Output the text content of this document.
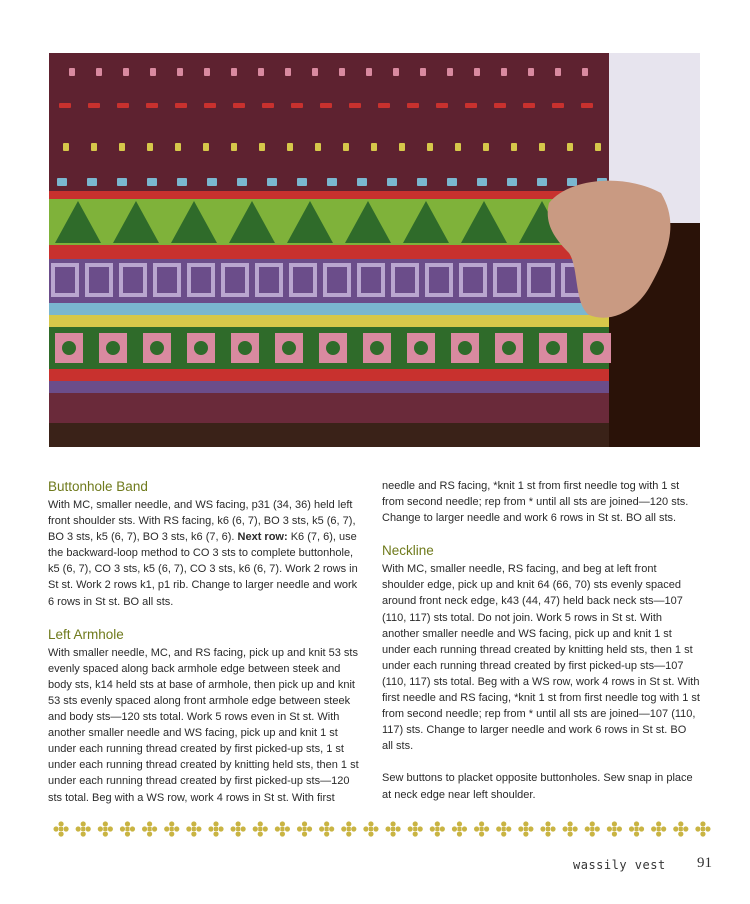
Buttonhole Band

With MC, smaller needle, and WS facing, p31 (34, 36) held left front shoulder sts. With RS facing, k6 (6, 7), BO 3 sts, k5 (6, 7), BO 3 sts, k5 (6, 7), BO 3 sts, k6 (7, 6). Next row: K6 (7, 6), use the backward-loop method to CO 3 sts to complete buttonhole, k5 (6, 7), CO 3 sts, k5 (6, 7), CO 3 sts, k6 (6, 7). Work 2 rows in St st. Work 2 rows k1, p1 rib. Change to larger needle and work 6 rows in St st. BO all sts.

Left Armhole

With smaller needle, MC, and RS facing, pick up and knit 53 sts evenly spaced along back armhole edge between steek and body sts, k14 held sts at base of armhole, then pick up and knit 53 sts evenly spaced along front armhole edge between steek and body sts—120 sts total. Work 5 rows even in St st. With another smaller needle and WS facing, pick up and knit 1 st under each running thread created by first picked-up sts, 1 st under each running thread created by knitting held sts, then 1 st under each running thread created by first picked-up sts—120 sts total. Beg with a WS row, work 4 rows in St st. With first

needle and RS facing, *knit 1 st from first needle tog with 1 st from second needle; rep from * until all sts are joined—120 sts. Change to larger needle and work 6 rows in St st. BO all sts.

Neckline

With MC, smaller needle, RS facing, and beg at left front shoulder edge, pick up and knit 64 (66, 70) sts evenly spaced around front neck edge, k43 (44, 47) held back neck sts—107 (110, 117) sts total. Do not join. Work 5 rows in St st. With another smaller needle and WS facing, pick up and knit 1 st under each running thread created by knitting held sts, then 1 st under each running thread created by first picked-up sts—107 (110, 117) sts total. Beg with a WS row, work 4 rows in St st. With first needle and RS facing, *knit 1 st from first needle tog with 1 st from second needle; rep from * until all sts are joined—107 (110, 117) sts. Change to larger needle and work 6 rows in St st. BO all sts.

Sew buttons to placket opposite buttonholes. Sew snap in place at neck edge near left shoulder.

wassily vest 91
